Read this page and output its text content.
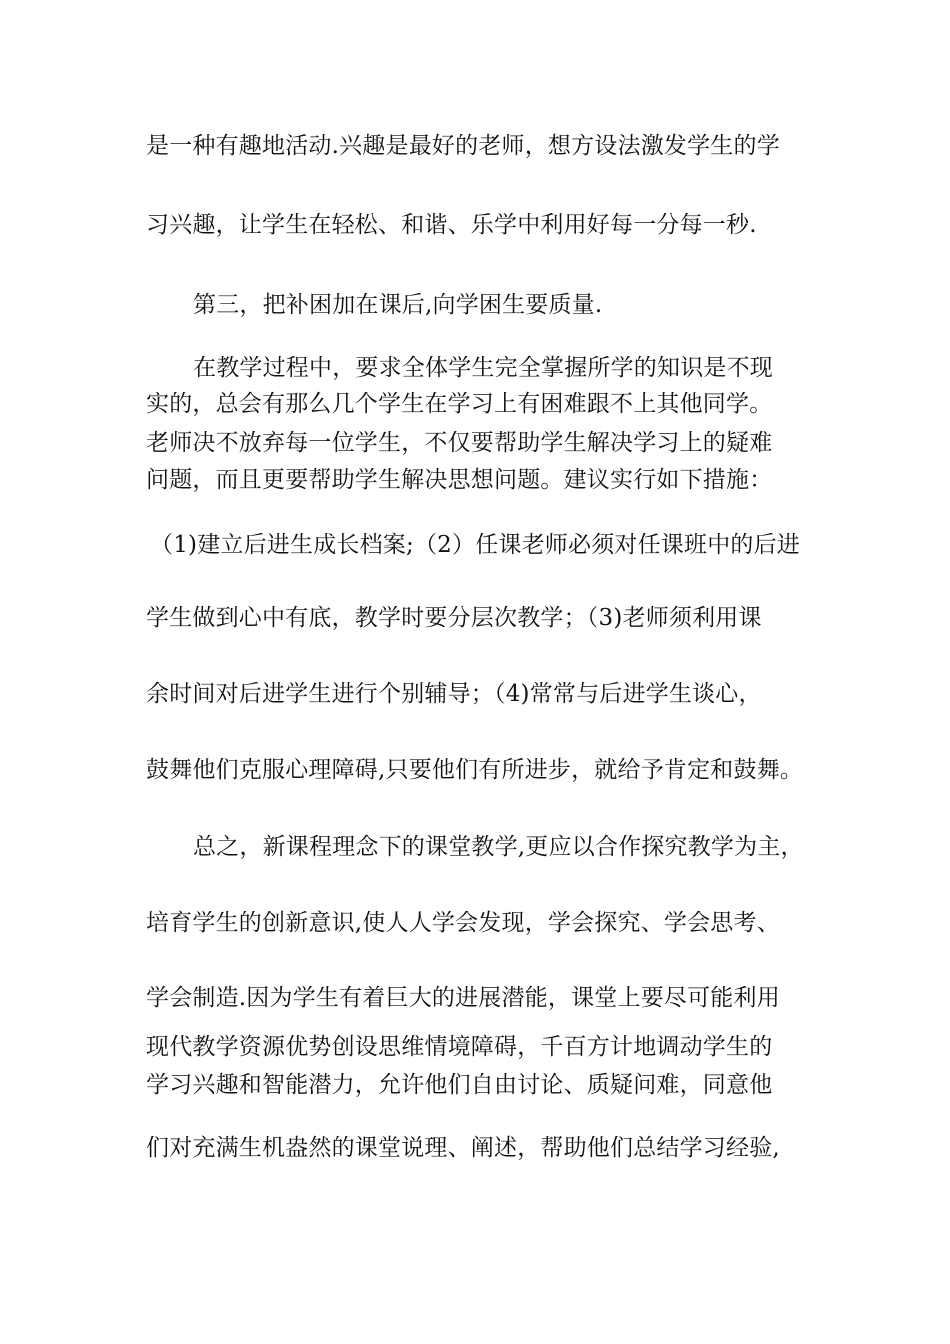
是一种有趣地活动.兴趣是最好的老师，想方设法激发学生的学
习兴趣，让学生在轻松、和谐、乐学中利用好每一分每一秒.
第三，把补困加在课后,向学困生要质量.
在教学过程中，要求全体学生完全掌握所学的知识是不现
实的，总会有那么几个学生在学习上有困难跟不上其他同学。
老师决不放弃每一位学生，不仅要帮助学生解决学习上的疑难
问题，而且更要帮助学生解决思想问题。建议实行如下措施：
（1)建立后进生成长档案;（2）任课老师必须对任课班中的后进
学生做到心中有底，教学时要分层次教学；（3)老师须利用课
余时间对后进学生进行个别辅导；（4)常常与后进学生谈心，
鼓舞他们克服心理障碍,只要他们有所进步，就给予肯定和鼓舞。
总之，新课程理念下的课堂教学,更应以合作探究教学为主，
培育学生的创新意识,使人人学会发现，学会探究、学会思考、
学会制造.因为学生有着巨大的进展潜能，课堂上要尽可能利用
现代教学资源优势创设思维情境障碍，千百方计地调动学生的
学习兴趣和智能潜力，允许他们自由讨论、质疑问难，同意他
们对充满生机盎然的课堂说理、阐述，帮助他们总结学习经验,
